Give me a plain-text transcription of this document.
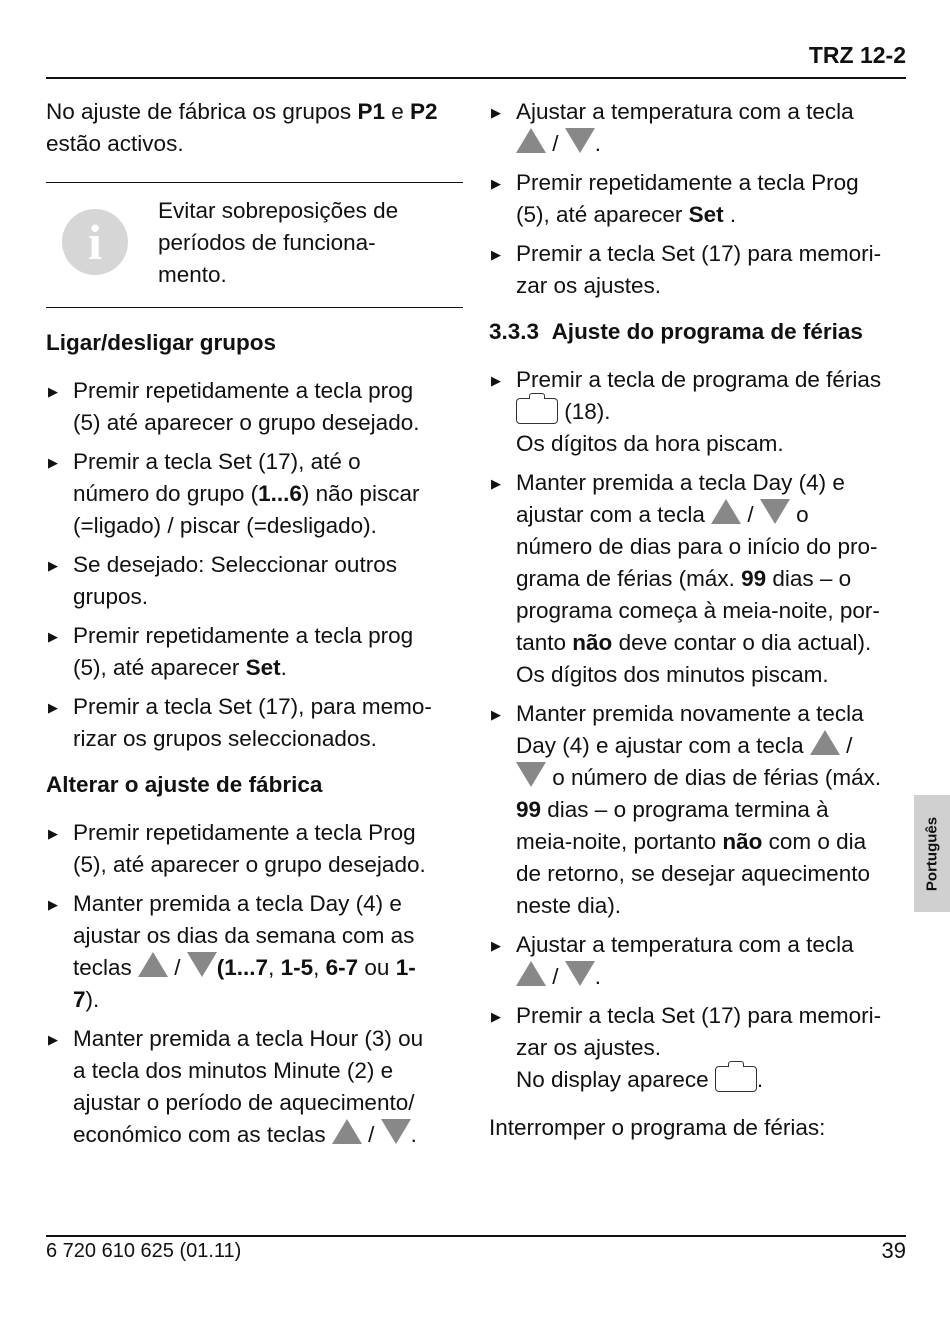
TRZ 12-2

No ajuste de fábrica os grupos P1 e P2

estão activos.

i
Evitar sobreposições de
períodos de funciona-
mento.

Ligar/desligar grupos

▶ Premir repetidamente a tecla prog
(5) até aparecer o grupo desejado.
▶ Premir a tecla Set (17), até o
número do grupo (1...6) não piscar
(=ligado) / piscar (=desligado).
▶ Se desejado: Seleccionar outros
grupos.
▶ Premir repetidamente a tecla prog
(5), até aparecer Set.
▶ Premir a tecla Set (17), para memo-
rizar os grupos seleccionados.

Alterar o ajuste de fábrica

▶ Premir repetidamente a tecla Prog
(5), até aparecer o grupo desejado.
▶ Manter premida a tecla Day (4) e
ajustar os dias da semana com as
teclas  / (1...7, 1-5, 6-7 ou 1-
7).
▶ Manter premida a tecla Hour (3) ou
a tecla dos minutos Minute (2) e
ajustar o período de aquecimento/
económico com as teclas  / .
▶ Ajustar a temperatura com a tecla
/ .
▶ Premir repetidamente a tecla Prog
(5), até aparecer Set .
▶ Premir a tecla Set (17) para memori-
zar os ajustes.

3.3.3 Ajuste do programa de férias

▶ Premir a tecla de programa de férias
(18).
Os dígitos da hora piscam.
▶ Manter premida a tecla Day (4) e
ajustar com a tecla  /  o
número de dias para o início do pro-
grama de férias (máx. 99 dias – o
programa começa à meia-noite, por-
tanto não deve contar o dia actual).
Os dígitos dos minutos piscam.
▶ Manter premida novamente a tecla
Day (4) e ajustar com a tecla  /
o número de dias de férias (máx.
99 dias – o programa termina à
meia-noite, portanto não com o dia
de retorno, se desejar aquecimento
neste dia).
▶ Ajustar a temperatura com a tecla
/ .
▶ Premir a tecla Set (17) para memori-
zar os ajustes.
No display aparece .

Interromper o programa de férias:

Português
6 720 610 625 (01.11)	39
